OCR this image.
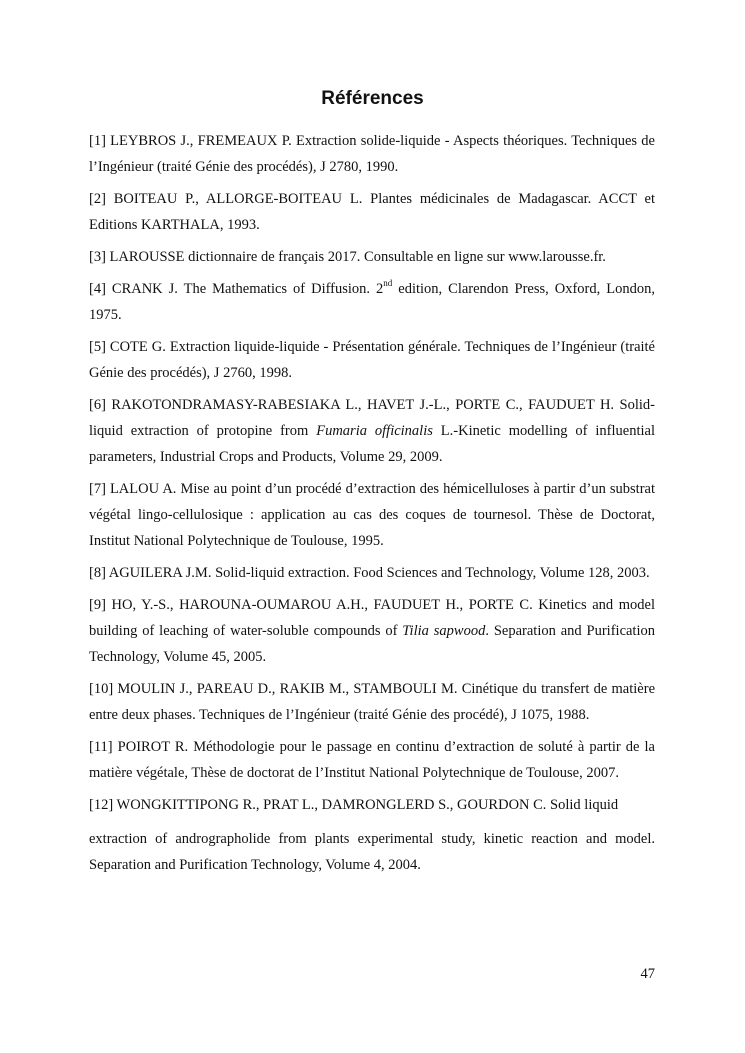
Références

[1] LEYBROS J., FREMEAUX P. Extraction solide-liquide - Aspects théoriques. Techniques de l’Ingénieur (traité Génie des procédés), J 2780, 1990.

[2] BOITEAU P., ALLORGE-BOITEAU L. Plantes médicinales de Madagascar. ACCT et Editions KARTHALA, 1993.

[3] LAROUSSE dictionnaire de français 2017. Consultable en ligne sur www.larousse.fr.

[4] CRANK J. The Mathematics of Diffusion. 2nd edition, Clarendon Press, Oxford, London, 1975.

[5] COTE G. Extraction liquide-liquide - Présentation générale. Techniques de l’Ingénieur (traité Génie des procédés), J 2760, 1998.

[6] RAKOTONDRAMASY-RABESIAKA L., HAVET J.-L., PORTE C., FAUDUET H. Solid-liquid extraction of protopine from Fumaria officinalis L.-Kinetic modelling of influential parameters, Industrial Crops and Products, Volume 29, 2009.

[7] LALOU A. Mise au point d’un procédé d’extraction des hémicelluloses à partir d’un substrat végétal lingo-cellulosique : application au cas des coques de tournesol. Thèse de Doctorat, Institut National Polytechnique de Toulouse, 1995.

[8] AGUILERA J.M. Solid-liquid extraction. Food Sciences and Technology, Volume 128, 2003.

[9] HO, Y.-S., HAROUNA-OUMAROU A.H., FAUDUET H., PORTE C. Kinetics and model building of leaching of water-soluble compounds of Tilia sapwood. Separation and Purification Technology, Volume 45, 2005.

[10] MOULIN J., PAREAU D., RAKIB M., STAMBOULI M. Cinétique du transfert de matière entre deux phases. Techniques de l’Ingénieur (traité Génie des procédé), J 1075, 1988.

[11] POIROT R. Méthodologie pour le passage en continu d’extraction de soluté à partir de la matière végétale, Thèse de doctorat de l’Institut National Polytechnique de Toulouse, 2007.

[12] WONGKITTIPONG R., PRAT L., DAMRONGLERD S., GOURDON C. Solid liquid

extraction of andrographolide from plants experimental study, kinetic reaction and model. Separation and Purification Technology, Volume 4, 2004.

47
